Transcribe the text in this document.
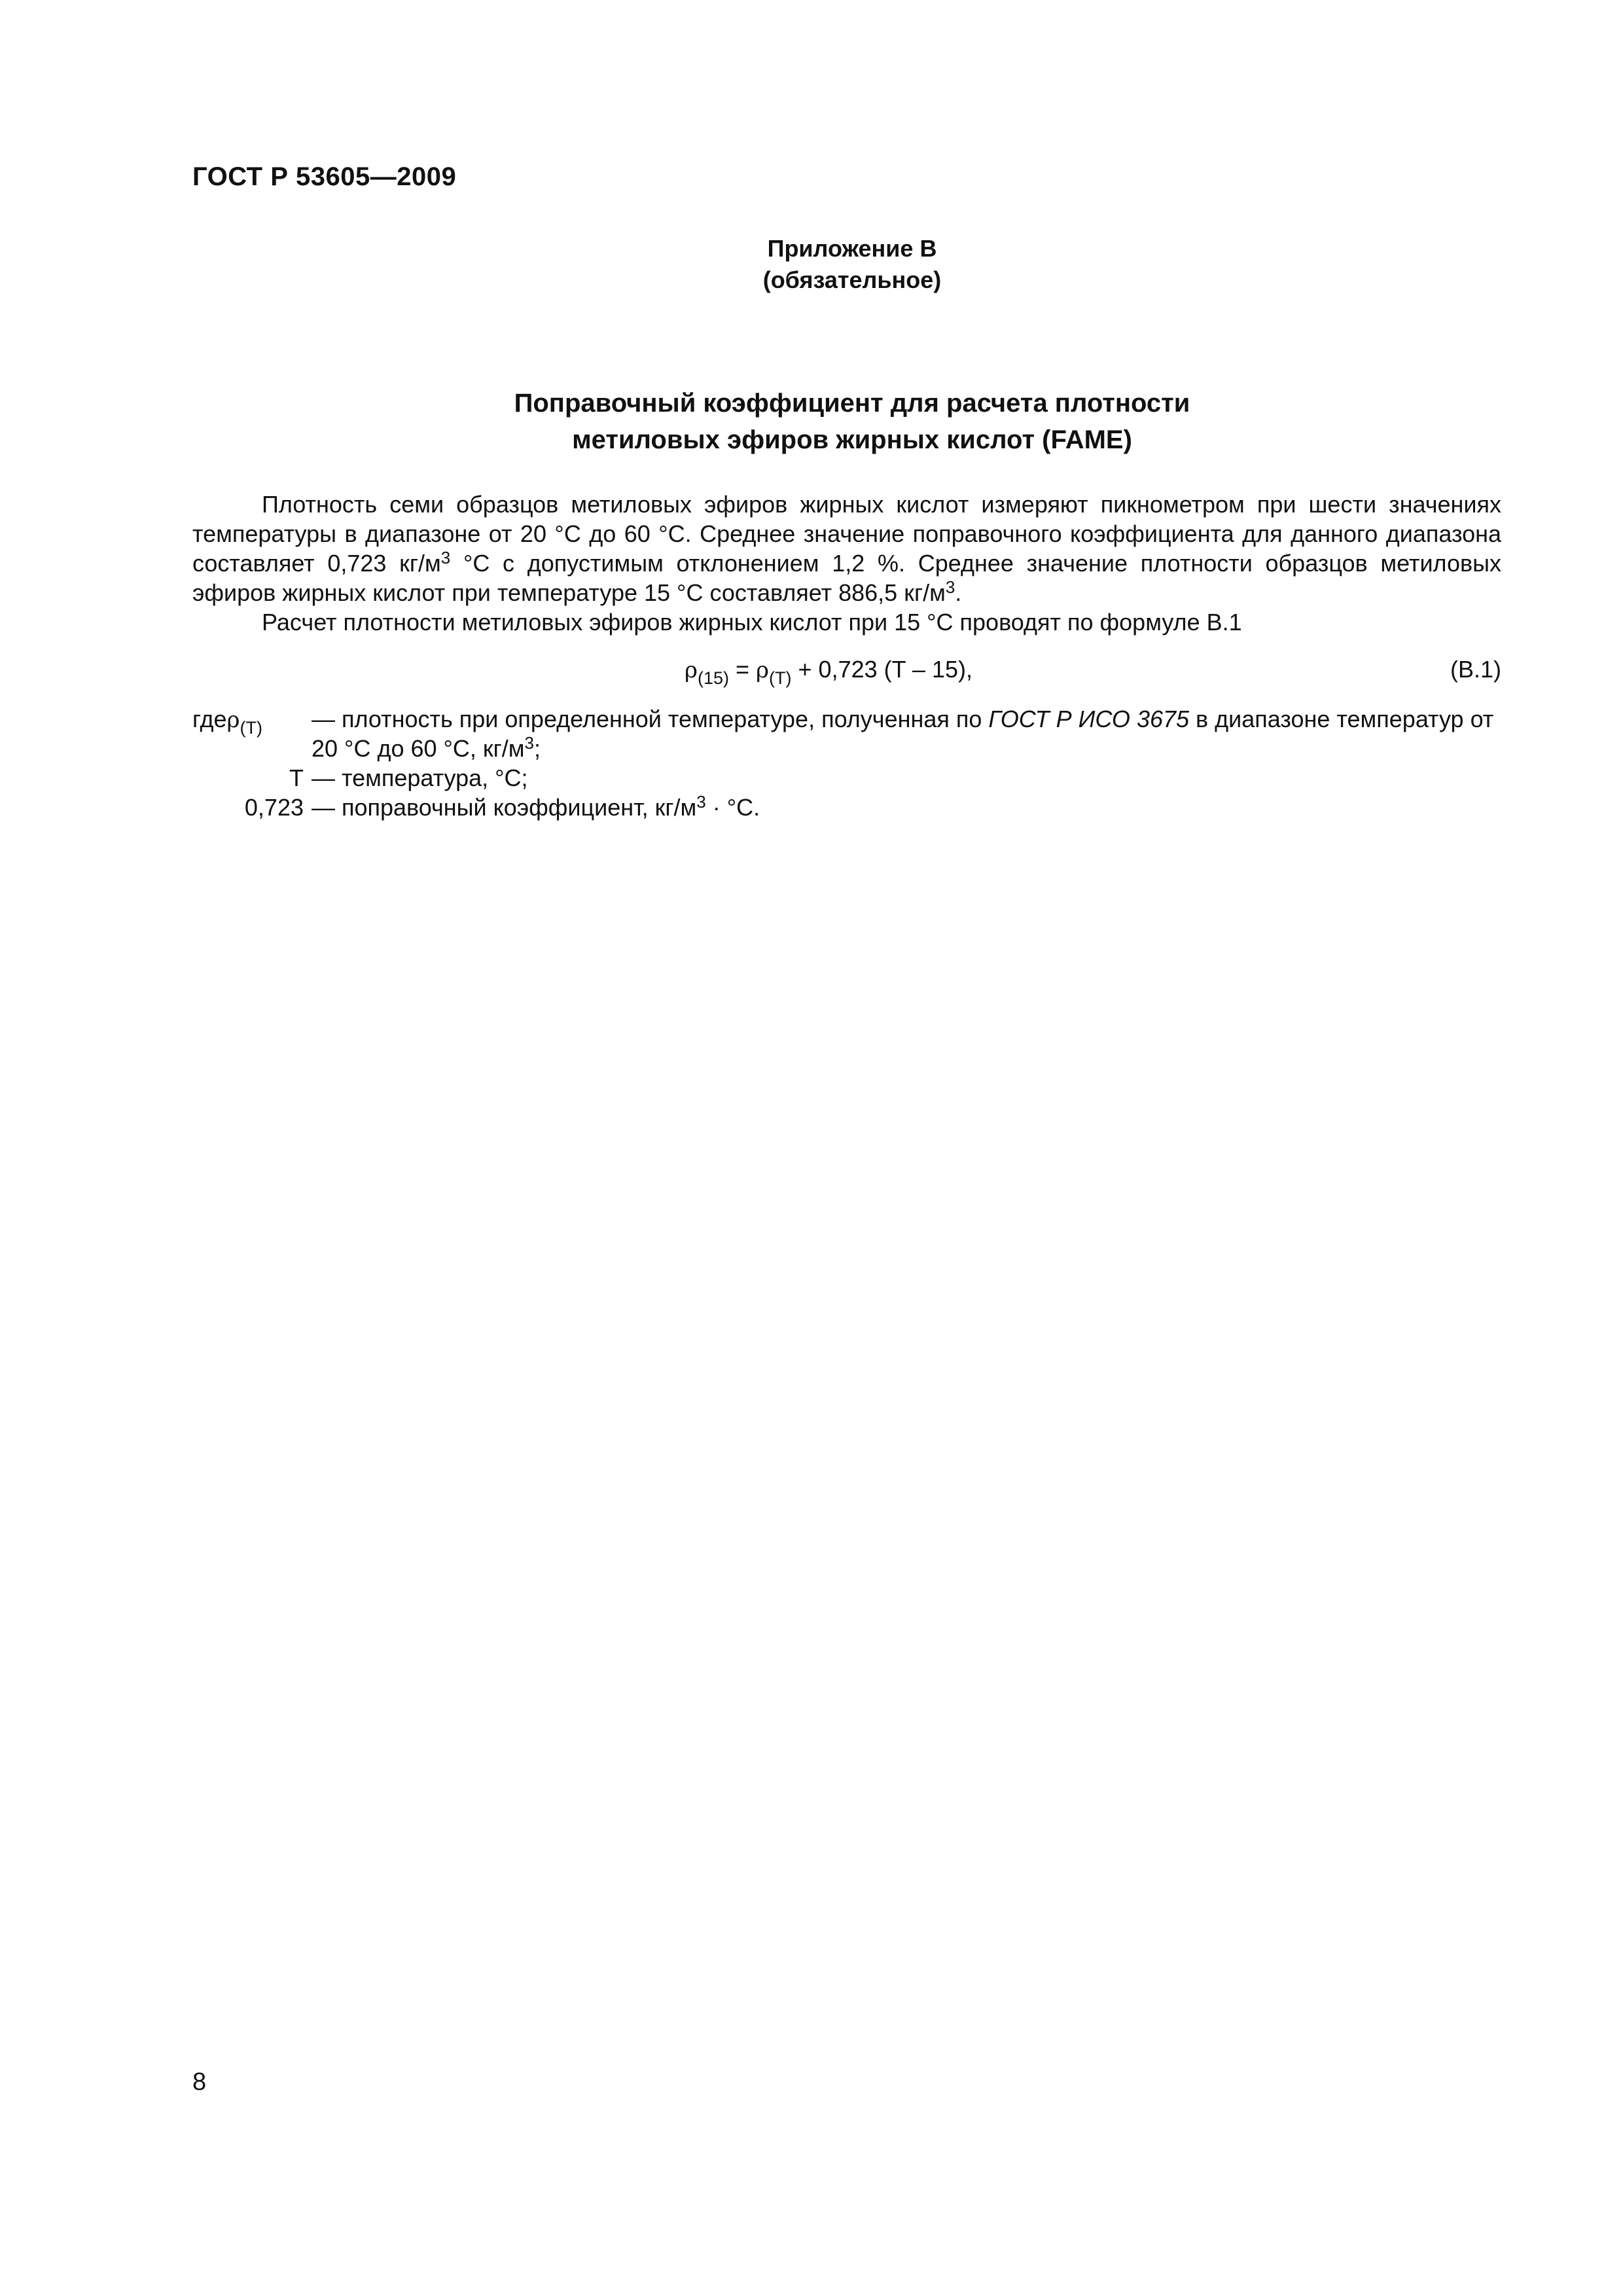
ГОСТ Р 53605—2009
Приложение В
(обязательное)
Поправочный коэффициент для расчета плотности
метиловых эфиров жирных кислот (FAME)

Плотность семи образцов метиловых эфиров жирных кислот измеряют пикнометром при шести значениях температуры в диапазоне от 20 °C до 60 °C. Среднее значение поправочного коэффициента для данного диапазона составляет 0,723 $кг/м^3$ °C с допустимым отклонением 1,2 %. Среднее значение плотности образцов метиловых эфиров жирных кислот при температуре 15 °C составляет 886,5 $кг/м^3$.

Расчет плотности метиловых эфиров жирных кислот при 15 °C проводят по формуле В.1

$\rho_{(15)} = \rho_{(T)} + 0,723$ (T – 15),	(В.1)
гдеρ$_{(T)}$	— плотность при определенной температуре, полученная по ГОСТ Р ИСО 3675 в диапазоне температур от 20 °C до 60 °C, $кг/м^3$;
T — температура, °C;
0,723 — поправочный коэффициент, $кг/м^3 \cdot ^\circ C$.
8
